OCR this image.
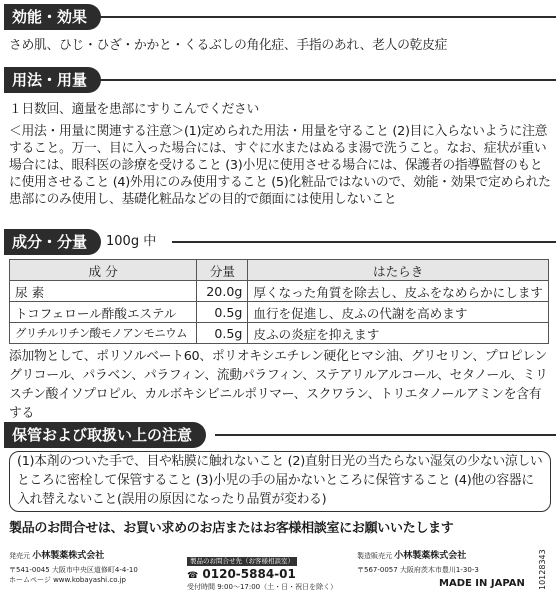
効能・効果
さめ肌、ひじ・ひざ・かかと・くるぶしの角化症、手指のあれ、老人の乾皮症
用法・用量
１日数回、適量を患部にすりこんでください
＜用法・用量に関連する注意＞(1)定められた用法・用量を守ること (2)目に入らないように注意すること。万一、目に入った場合には、すぐに水またはぬるま湯で洗うこと。なお、症状が重い場合には、眼科医の診療を受けること (3)小児に使用させる場合には、保護者の指導監督のもとに使用させること (4)外用にのみ使用すること (5)化粧品ではないので、効能・効果で定められた患部にのみ使用し、基礎化粧品などの目的で顔面には使用しないこと
成分・分量	100g 中
成 分	分量	はたらき
尿 素	20.0g	厚くなった角質を除去し、皮ふをなめらかにします
トコフェロール酢酸エステル	0.5g	血行を促進し、皮ふの代謝を高めます
グリチルリチン酸モノアンモニウム	0.5g	皮ふの炎症を抑えます
添加物として、ポリソルベート60、ポリオキシエチレン硬化ヒマシ油、グリセリン、プロピレングリコール、パラベン、パラフィン、流動パラフィン、ステアリルアルコール、セタノール、ミリスチン酸イソプロピル、カルボキシビニルポリマー、スクワラン、トリエタノールアミンを含有する
保管および取扱い上の注意

(1)本剤のついた手で、目や粘膜に触れないこと (2)直射日光の当たらない湿気の少ない涼しいところに密栓して保管すること (3)小児の手の届かないところに保管すること (4)他の容器に入れ替えないこと(誤用の原因になったり品質が変わる)

製品のお問合せは、お買い求めのお店またはお客様相談室にお願いいたします
発売元 小林製薬株式会社
〒541-0045 大阪市中央区道修町4-4-10
ホームページ www.kobayashi.co.jp
製品のお問合せ先（お客様相談室）
☎ 0120-5884-01
受付時間 9:00～17:00（土・日・祝日を除く）
製造販売元 小林製薬株式会社
〒567-0057 大阪府茨木市豊川1-30-3
MADE IN JAPAN 10128343
